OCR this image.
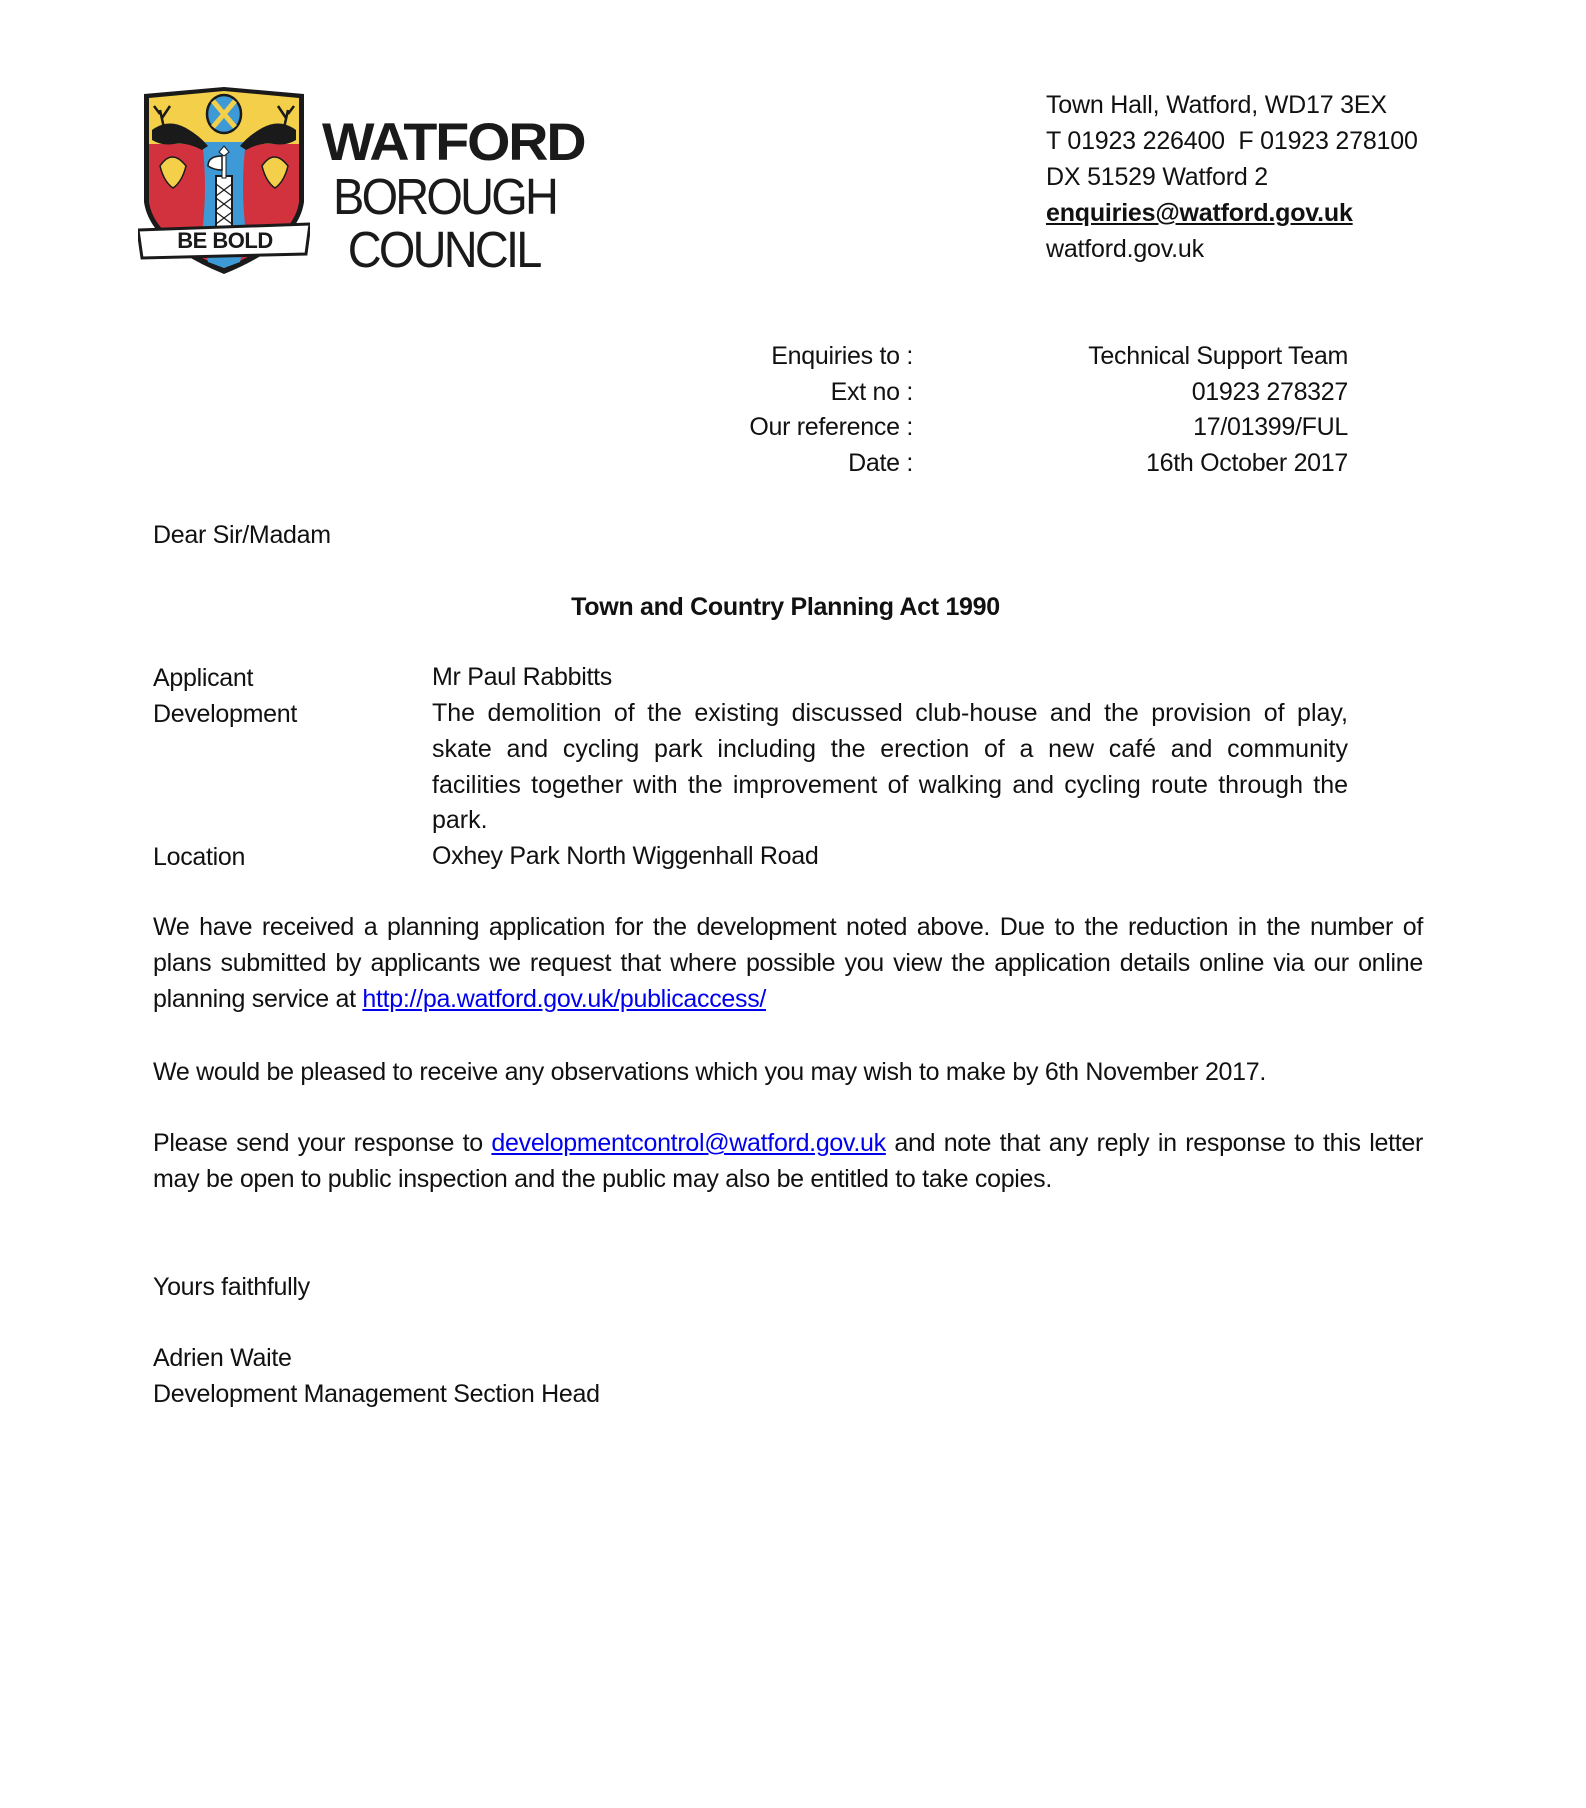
BE BOLD
WATFORD
BOROUGH
COUNCIL
Town Hall, Watford, WD17 3EX
T 01923 226400  F 01923 278100
DX 51529 Watford 2
enquiries@watford.gov.uk
watford.gov.uk
Enquiries to :	Technical Support Team
Ext no :	01923 278327
Our reference :	17/01399/FUL
Date :	16th October 2017
Dear Sir/Madam
Town and Country Planning Act 1990
Applicant	Mr Paul Rabbitts
Development	The demolition of the existing discussed club-house and the provision of play, skate and cycling park including the erection of a new café and community facilities together with the improvement of walking and cycling route through the park.
Location	Oxhey Park North Wiggenhall Road
We have received a planning application for the development noted above. Due to the reduction in the number of plans submitted by applicants we request that where possible you view the application details online via our online planning service at http://pa.watford.gov.uk/publicaccess/
We would be pleased to receive any observations which you may wish to make by 6th November 2017.
Please send your response to developmentcontrol@watford.gov.uk and note that any reply in response to this letter may be open to public inspection and the public may also be entitled to take copies.
Yours faithfully
Adrien Waite
Development Management Section Head
